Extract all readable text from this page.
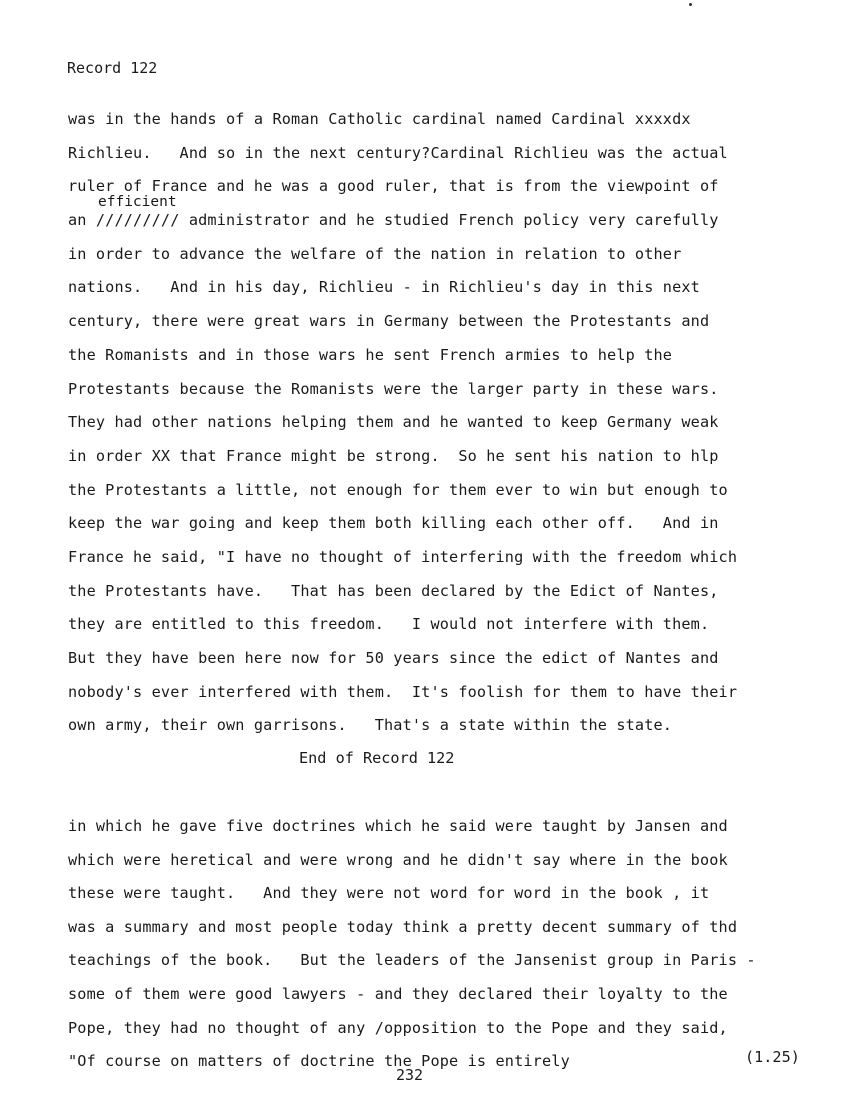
Record 122
efficient
was in the hands of a Roman Catholic cardinal named Cardinal xxxxdx
Richlieu.   And so in the next century?Cardinal Richlieu was the actual
ruler of France and he was a good ruler, that is from the viewpoint of
an ///////// administrator and he studied French policy very carefully
in order to advance the welfare of the nation in relation to other
nations.   And in his day, Richlieu - in Richlieu's day in this next
century, there were great wars in Germany between the Protestants and
the Romanists and in those wars he sent French armies to help the
Protestants because the Romanists were the larger party in these wars.
They had other nations helping them and he wanted to keep Germany weak
in order XX that France might be strong.  So he sent his nation to hlp
the Protestants a little, not enough for them ever to win but enough to
keep the war going and keep them both killing each other off.   And in
France he said, "I have no thought of interfering with the freedom which
the Protestants have.   That has been declared by the Edict of Nantes,
they are entitled to this freedom.   I would not interfere with them.
But they have been here now for 50 years since the edict of Nantes and
nobody's ever interfered with them.  It's foolish for them to have their
own army, their own garrisons.   That's a state within the state.
End of Record 122
in which he gave five doctrines which he said were taught by Jansen and
which were heretical and were wrong and he didn't say where in the book
these were taught.   And they were not word for word in the book , it
was a summary and most people today think a pretty decent summary of thd
teachings of the book.   But the leaders of the Jansenist group in Paris -
some of them were good lawyers - and they declared their loyalty to the
Pope, they had no thought of any /opposition to the Pope and they said,
"Of course on matters of doctrine the Pope is entirely	(1.25)
232
